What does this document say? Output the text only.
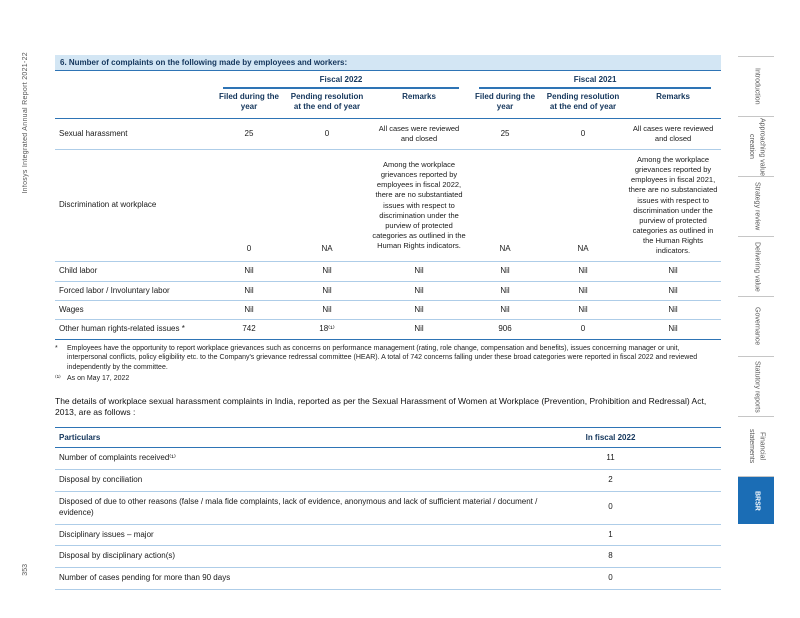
Infosys Integrated Annual Report 2021-22
353
6. Number of complaints on the following made by employees and workers:

	Fiscal 2022			Fiscal 2021		

	Filed during the year	Pending resolution at the end of year	Remarks	Filed during the year	Pending resolution at the end of year	Remarks
Sexual harassment	25	0	All cases were reviewed and closed	25	0	All cases were reviewed and closed
Discrimination at workplace	0	NA	Among the workplace grievances reported by employees in fiscal 2022, there are no substantiated issues with respect to discrimination under the purview of protected categories as outlined in the Human Rights indicators.	NA	NA	Among the workplace grievances reported by employees in fiscal 2021, there are no substanciated issues with respect to discrimination under the purview of protected categories as outlined in the Human Rights indicators.
Child labor	Nil	Nil	Nil	Nil	Nil	Nil
Forced labor / Involuntary labor	Nil	Nil	Nil	Nil	Nil	Nil
Wages	Nil	Nil	Nil	Nil	Nil	Nil
Other human rights-related issues *	742	18⁽¹⁾	Nil	906	0	Nil
*	Employees have the opportunity to report workplace grievances such as concerns on performance management (rating, role change, compensation and benefits), issues concerning manager or unit, interpersonal conflicts, policy eligibility etc. to the Company's grievance redressal committee (HEAR). A total of 742 concerns falling under these broad categories were reported in fiscal 2022 and reviewed independently by the committee.
⁽¹⁾ As on May 17, 2022
The details of workplace sexual harassment complaints in India, reported as per the Sexual Harassment of Women at Workplace (Prevention, Prohibition and Redressal) Act, 2013, are as follows :
Particulars	In fiscal 2022
Number of complaints received⁽¹⁾	11
Disposal by conciliation	2
Disposed of due to other reasons (false / mala fide complaints, lack of evidence, anonymous and lack of sufficient material / document / evidence)	0
Disciplinary issues – major	1
Disposal by disciplinary action(s)	8
Number of cases pending for more than 90 days	0
Introduction
Approaching value creation
Strategy review
Delivering value
Governance
Statutory reports
Financial statements
BRSR
